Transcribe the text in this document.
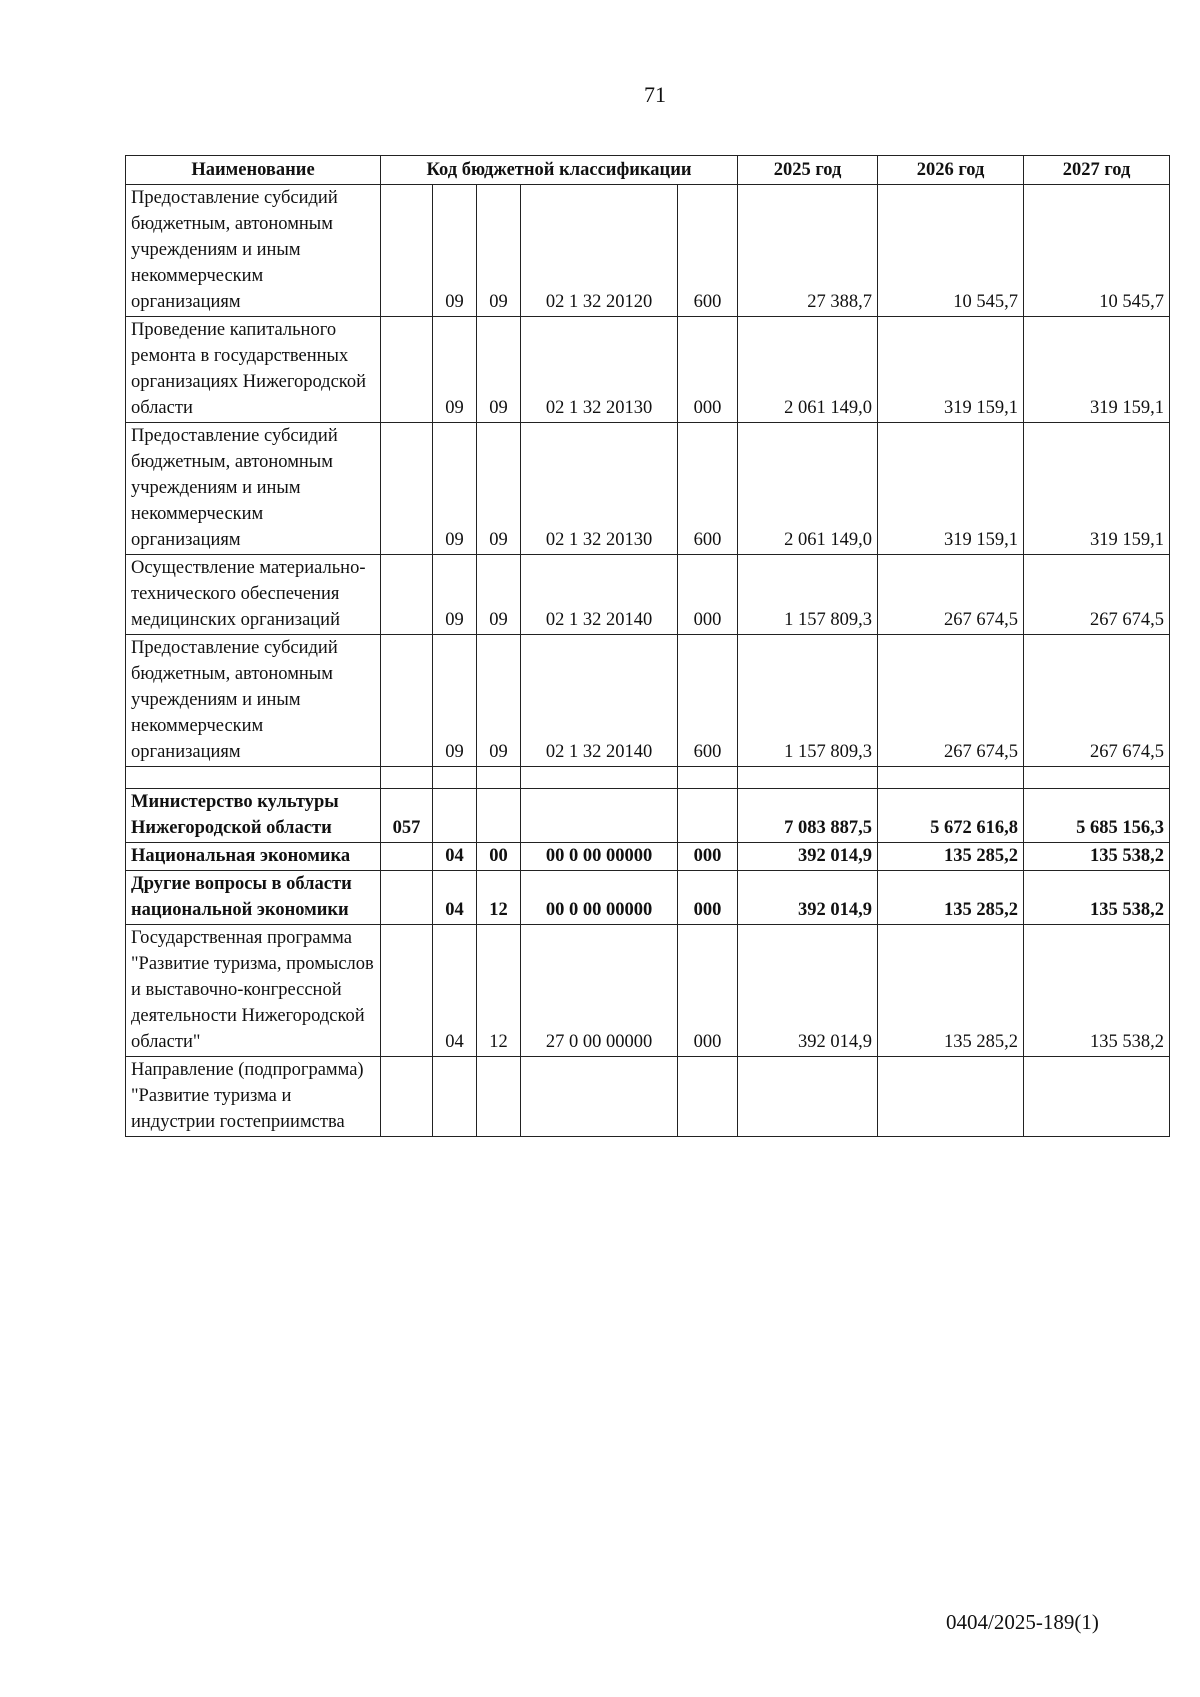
71
Наименование	Код бюджетной классификации					2025 год	2026 год	2027 год
Предоставление субсидий бюджетным, автономным учреждениям и иным некоммерческим организациям		09	09	02 1 32 20120	600	27 388,7	10 545,7	10 545,7
Проведение капитального ремонта в государственных организациях Нижегородской области		09	09	02 1 32 20130	000	2 061 149,0	319 159,1	319 159,1
Предоставление субсидий бюджетным, автономным учреждениям и иным некоммерческим организациям		09	09	02 1 32 20130	600	2 061 149,0	319 159,1	319 159,1
Осуществление материально-технического обеспечения медицинских организаций		09	09	02 1 32 20140	000	1 157 809,3	267 674,5	267 674,5
Предоставление субсидий бюджетным, автономным учреждениям и иным некоммерческим организациям		09	09	02 1 32 20140	600	1 157 809,3	267 674,5	267 674,5

Министерство культуры Нижегородской области	057					7 083 887,5	5 672 616,8	5 685 156,3
Национальная экономика		04	00	00 0 00 00000	000	392 014,9	135 285,2	135 538,2
Другие вопросы в области национальной экономики		04	12	00 0 00 00000	000	392 014,9	135 285,2	135 538,2
Государственная программа "Развитие туризма, промыслов и выставочно-конгрессной деятельности Нижегородской области"		04	12	27 0 00 00000	000	392 014,9	135 285,2	135 538,2
Направление (подпрограмма) "Развитие туризма и индустрии гостеприимства								
0404/2025-189(1)
